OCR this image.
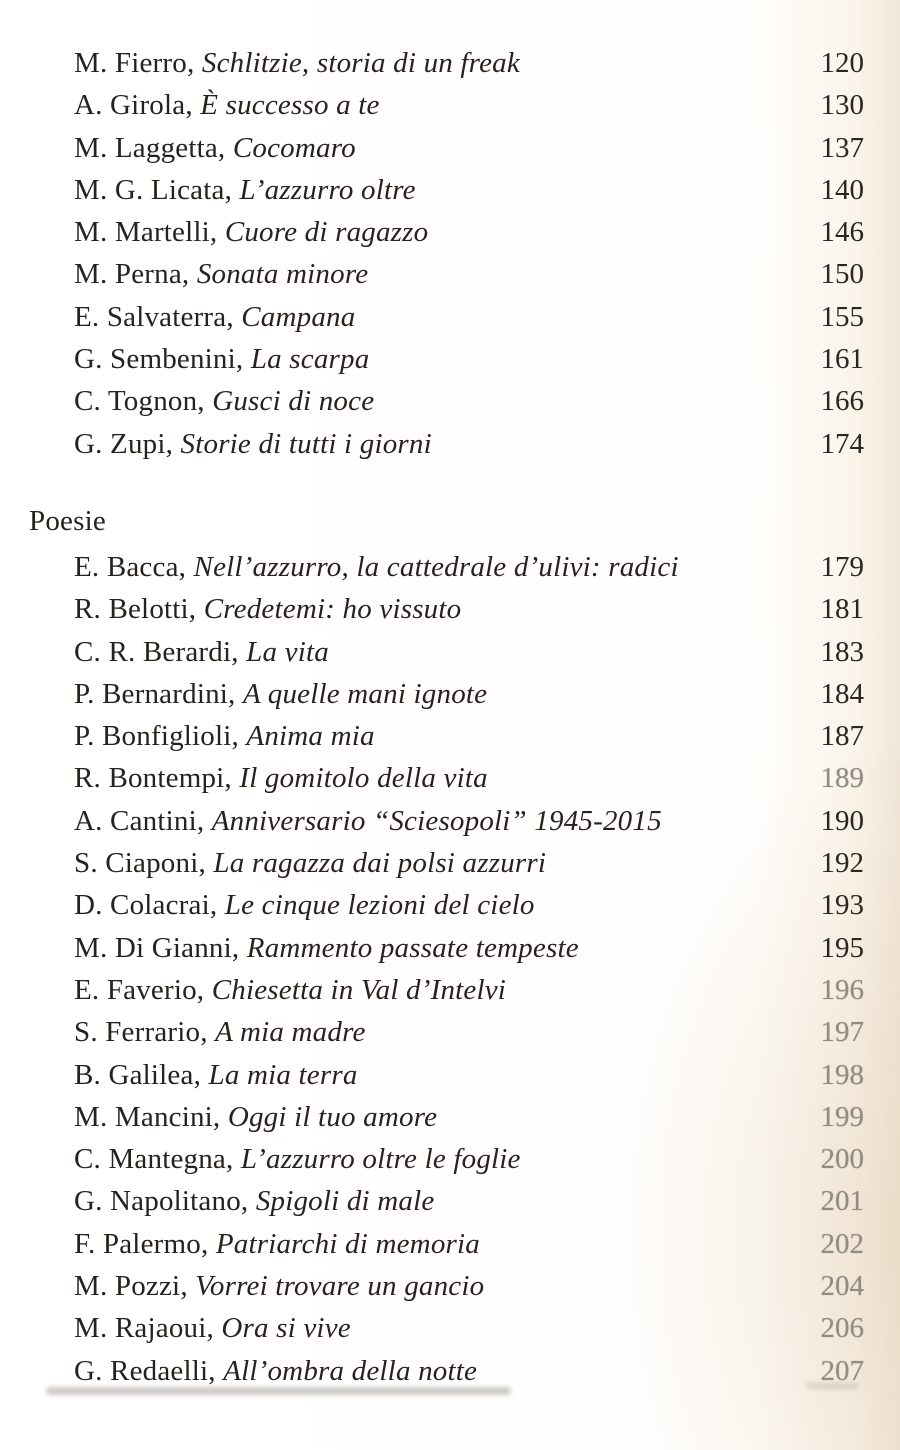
M. Fierro, Schlitzie, storia di un freak	120
A. Girola, È successo a te	130
M. Laggetta, Cocomaro	137
M. G. Licata, L’azzurro oltre	140
M. Martelli, Cuore di ragazzo	146
M. Perna, Sonata minore	150
E. Salvaterra, Campana	155
G. Sembenini, La scarpa	161
C. Tognon, Gusci di noce	166
G. Zupi, Storie di tutti i giorni	174
Poesie
E. Bacca, Nell’azzurro, la cattedrale d’ulivi: radici	179
R. Belotti, Credetemi: ho vissuto	181
C. R. Berardi, La vita	183
P. Bernardini, A quelle mani ignote	184
P. Bonfiglioli, Anima mia	187
R. Bontempi, Il gomitolo della vita	189
A. Cantini, Anniversario “Sciesopoli” 1945-2015	190
S. Ciaponi, La ragazza dai polsi azzurri	192
D. Colacrai, Le cinque lezioni del cielo	193
M. Di Gianni, Rammento passate tempeste	195
E. Faverio, Chiesetta in Val d’Intelvi	196
S. Ferrario, A mia madre	197
B. Galilea, La mia terra	198
M. Mancini, Oggi il tuo amore	199
C. Mantegna, L’azzurro oltre le foglie	200
G. Napolitano, Spigoli di male	201
F. Palermo, Patriarchi di memoria	202
M. Pozzi, Vorrei trovare un gancio	204
M. Rajaoui, Ora si vive	206
G. Redaelli, All’ombra della notte	207
